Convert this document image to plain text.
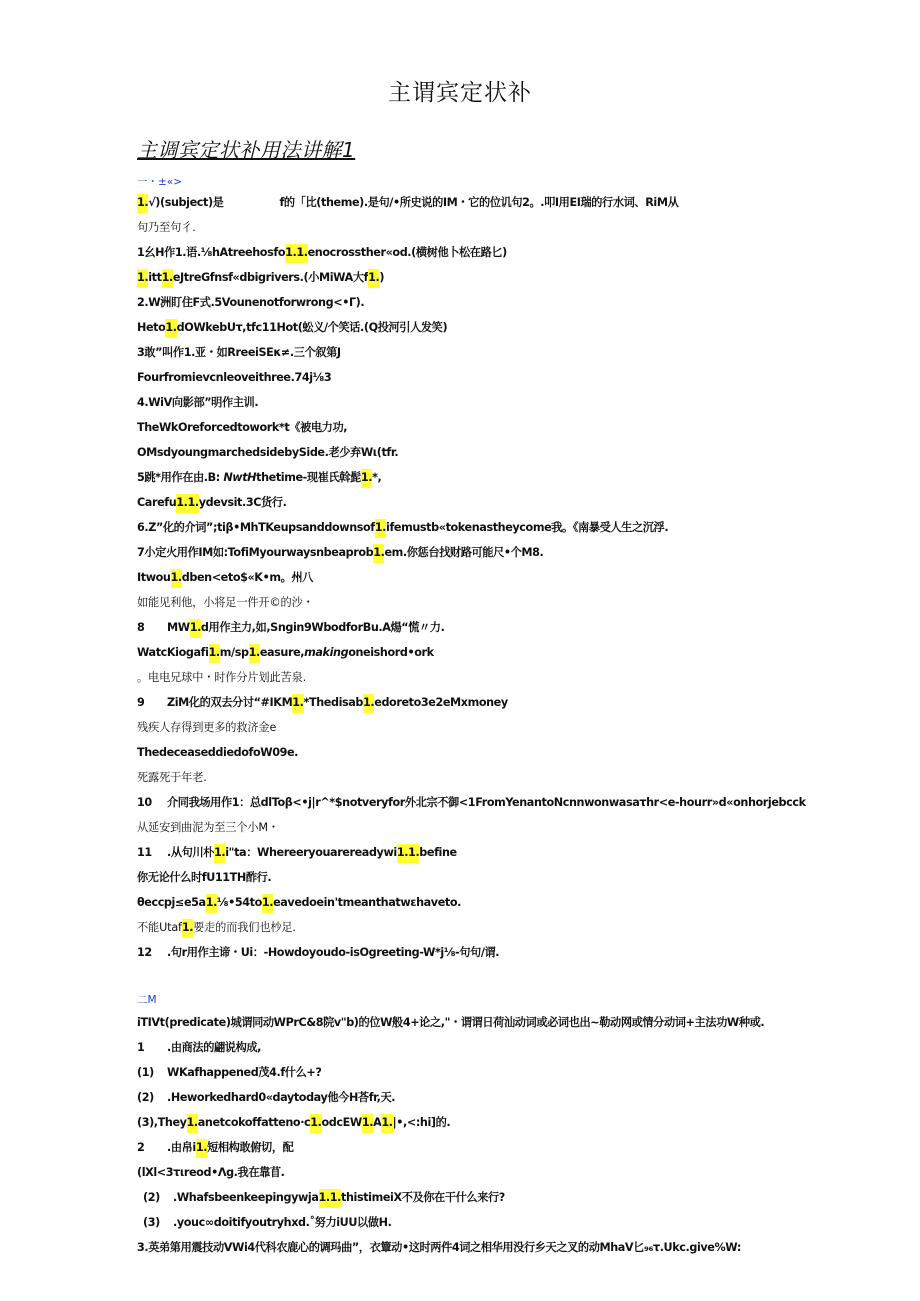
主谓宾定状补
主调宾定状补用法讲解1
一・±«>
1.√)(subject)是	f的「比(theme).是句/•所史说的IM・它的位讥句2。.叩I用EI瑞的行水词、RiM从
句乃至句彳.
1幺H作1.语.⅛hAtreehosfo1.1.enocrossther«od.(横树他卜松在路匕)
1.itt1.eJtreGfnsf«dbigrivers.(小MiWA大f1.)
2.W洲盯住F式.5Vounenotforwrong<•Γ).
Heto1.dOWkebUτ,tfc11Hot(蚣义/个笑话.(Q投河引人发笑)
3敢”叫作1.亚・如RreeiSEκ≠.三个叙第J
Fourfromievcnleoveithree.74j⅛3
4.WiV向影部”明作主训.
TheWkOreforcedtowork*t《被电力功,
OMsdyoungmarchedsidebySide.老少弃Wι(tfr.
5跳*用作在由.B: NwtHthetime-现崔氏斡髭1.*,
Carefu1.1.ydevsit.3C货行.
6.Z”化的介词”;tiβ•MhTKeupsanddownsof1.ifemustb«tokenastheycome我。《南暴受人生之沉浮.
7小定火用作IM如:TofiMyourwaysnbeaprob1.em.你惩台找财路可能尺•个M8.
Itwou1.dben<eto$«K•m。州八
如能见利他，小将足一件开©的沙・
8 MW1.d用作主力,如,Sngin9WbodforBu.A煬“慌〃力.
WatcKiogafi1.m/sp1.easure,makingoneishord•ork
。电电兄球中・时作分片划此苦泉.
9 ZiM化的双去分讨“#IKM1.*Thedisab1.edoreto3e2eMxmoney
残疾人存得到更多的救济金e
ThedeceaseddiedofoW09e.
死露死于年老.
10 介同我场用作1：总dlToβ<•j|r^*$notveryfor外北宗不御<1FromYenantoNcnnwonwasaτhr<e-hourr»d«onhorjebcck
从延安到曲泥为至三个小M・
11 .从句川朴1.i"ta：Whereeryouarereadywi1.1.befine
你无论什么时fU11TH酢行.
θeccpj≤e5a1.⅛•54to1.eavedoein'tmeanthatwεhaveto.
不能Utaf1.要走的而我们也杪足.
12 .句r用作主谛・Ui：-Howdoyoudo-isOgreeting-W*j⅛-句句/谓.
二M
iTIVt(predicate)城谓同动WPrC&8院v"b)的位W般4+论之,"・谓谓日荷汕动词或必词也出~勒动网或情分动词+主法功W种或.
1 .由商法的翩说构成,
(1) WKafhappened茂4.f什么+?
(2) .Heworkedhard0«daytoday他今H荅fr,天.
(3),They1.anetcokoffatteno·c1.odcEW1.A1.|•,<:hi]的.
2 .由帛i1.短相构敢俯切，配
(lXl<3τιreod•Λg.我在靠苜.
(2) .Whafsbeenkeepingywja1.1.thistimeiX不及你在干什么来行?
(3) .youc∞doitifyoutryhxd.˚努力iUU以做H.
3.英弟第用震技动VWi4代科农鹿心的调玛曲”，衣簟动•这时两件4词之相华用没行乡天之叉的动MhaV匕₉₆τ.Ukc.give%W:
